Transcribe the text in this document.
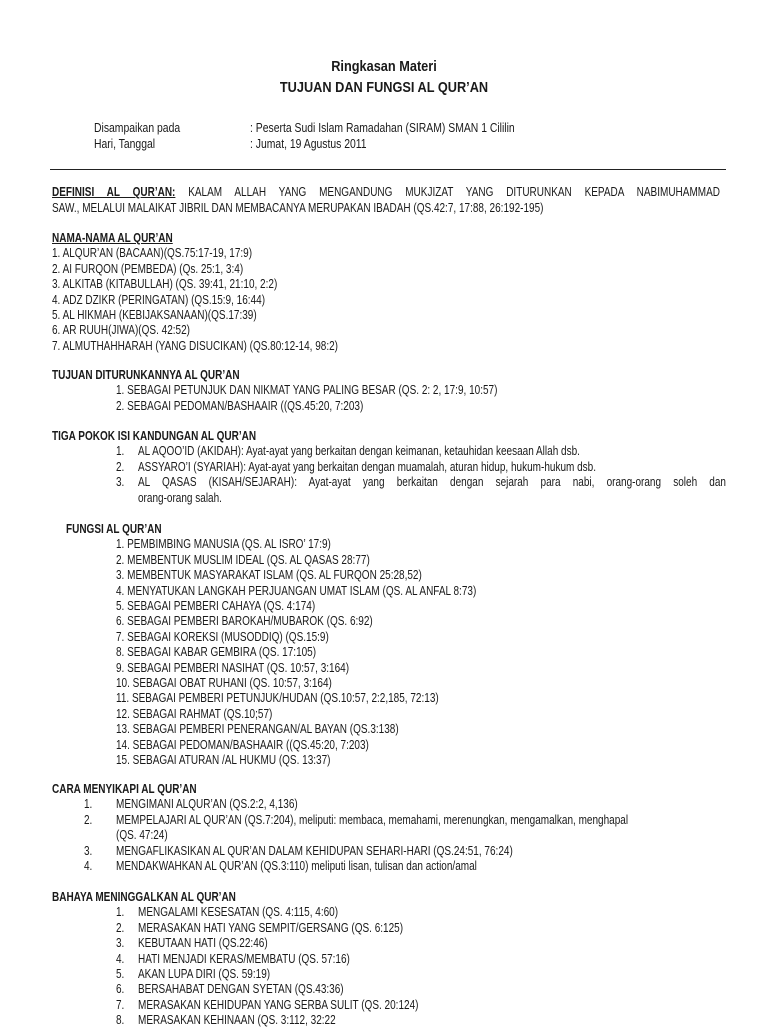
Ringkasan Materi
TUJUAN DAN FUNGSI AL QUR’AN
Disampaikan pada	: Peserta Sudi Islam Ramadahan (SIRAM) SMAN 1 Cililin
Hari, Tanggal	: Jumat, 19 Agustus 2011
DEFINISI AL QUR’AN: KALAM ALLAH YANG MENGANDUNG MUKJIZAT YANG DITURUNKAN KEPADA NABIMUHAMMAD
SAW., MELALUI MALAIKAT JIBRIL DAN MEMBACANYA MERUPAKAN IBADAH (QS.42:7, 17:88, 26:192-195)
NAMA-NAMA AL QUR’AN
1. ALQUR’AN (BACAAN)(QS.75:17-19, 17:9)
2. AI FURQON (PEMBEDA) (Qs. 25:1, 3:4)
3. ALKITAB (KITABULLAH) (QS. 39:41, 21:10, 2:2)
4. ADZ DZIKR (PERINGATAN) (QS.15:9, 16:44)
5. AL HIKMAH (KEBIJAKSANAAN)(QS.17:39)
6. AR RUUH(JIWA)(QS. 42:52)
7. ALMUTHAHHARAH (YANG DISUCIKAN) (QS.80:12-14, 98:2)
TUJUAN DITURUNKANNYA AL QUR’AN
1. SEBAGAI PETUNJUK DAN NIKMAT YANG PALING BESAR (QS. 2: 2, 17:9, 10:57)
2. SEBAGAI PEDOMAN/BASHAAIR ((QS.45:20, 7:203)
TIGA POKOK ISI KANDUNGAN AL QUR’AN
1. AL AQOO’ID (AKIDAH): Ayat-ayat yang berkaitan dengan keimanan, ketauhidan keesaan Allah dsb.
2. ASSYARO’I (SYARIAH): Ayat-ayat yang berkaitan dengan muamalah, aturan hidup, hukum-hukum dsb.
3. AL QASAS (KISAH/SEJARAH): Ayat-ayat yang berkaitan dengan sejarah para nabi, orang-orang soleh dan
orang-orang salah.
FUNGSI AL QUR’AN
1. PEMBIMBING MANUSIA (QS. AL ISRO’ 17:9)
2. MEMBENTUK MUSLIM IDEAL (QS. AL QASAS 28:77)
3. MEMBENTUK MASYARAKAT ISLAM (QS. AL FURQON 25:28,52)
4. MENYATUKAN LANGKAH PERJUANGAN UMAT ISLAM (QS. AL ANFAL 8:73)
5. SEBAGAI PEMBERI CAHAYA (QS. 4:174)
6. SEBAGAI PEMBERI BAROKAH/MUBAROK (QS. 6:92)
7. SEBAGAI KOREKSI (MUSODDIQ) (QS.15:9)
8. SEBAGAI KABAR GEMBIRA (QS. 17:105)
9. SEBAGAI PEMBERI NASIHAT (QS. 10:57, 3:164)
10. SEBAGAI OBAT RUHANI (QS. 10:57, 3:164)
11. SEBAGAI PEMBERI PETUNJUK/HUDAN (QS.10:57, 2:2,185, 72:13)
12. SEBAGAI RAHMAT (QS.10;57)
13. SEBAGAI PEMBERI PENERANGAN/AL BAYAN (QS.3:138)
14. SEBAGAI PEDOMAN/BASHAAIR ((QS.45:20, 7:203)
15. SEBAGAI ATURAN /AL HUKMU (QS. 13:37)
CARA MENYIKAPI AL QUR’AN
1. MENGIMANI ALQUR’AN (QS.2:2, 4,136)
2. MEMPELAJARI AL QUR’AN (QS.7:204), meliputi: membaca, memahami, merenungkan, mengamalkan, menghapal
(QS. 47:24)
3. MENGAFLIKASIKAN AL QUR’AN DALAM KEHIDUPAN SEHARI-HARI (QS.24:51, 76:24)
4. MENDAKWAHKAN AL QUR’AN (QS.3:110) meliputi lisan, tulisan dan action/amal
BAHAYA MENINGGALKAN AL QUR’AN
1. MENGALAMI KESESATAN (QS. 4:115, 4:60)
2. MERASAKAN HATI YANG SEMPIT/GERSANG (QS. 6:125)
3. KEBUTAAN HATI (QS.22:46)
4. HATI MENJADI KERAS/MEMBATU (QS. 57:16)
5. AKAN LUPA DIRI (QS. 59:19)
6. BERSAHABAT DENGAN SYETAN (QS.43:36)
7. MERASAKAN KEHIDUPAN YANG SERBA SULIT (QS. 20:124)
8. MERASAKAN KEHINAAN (QS. 3:112, 32:22
